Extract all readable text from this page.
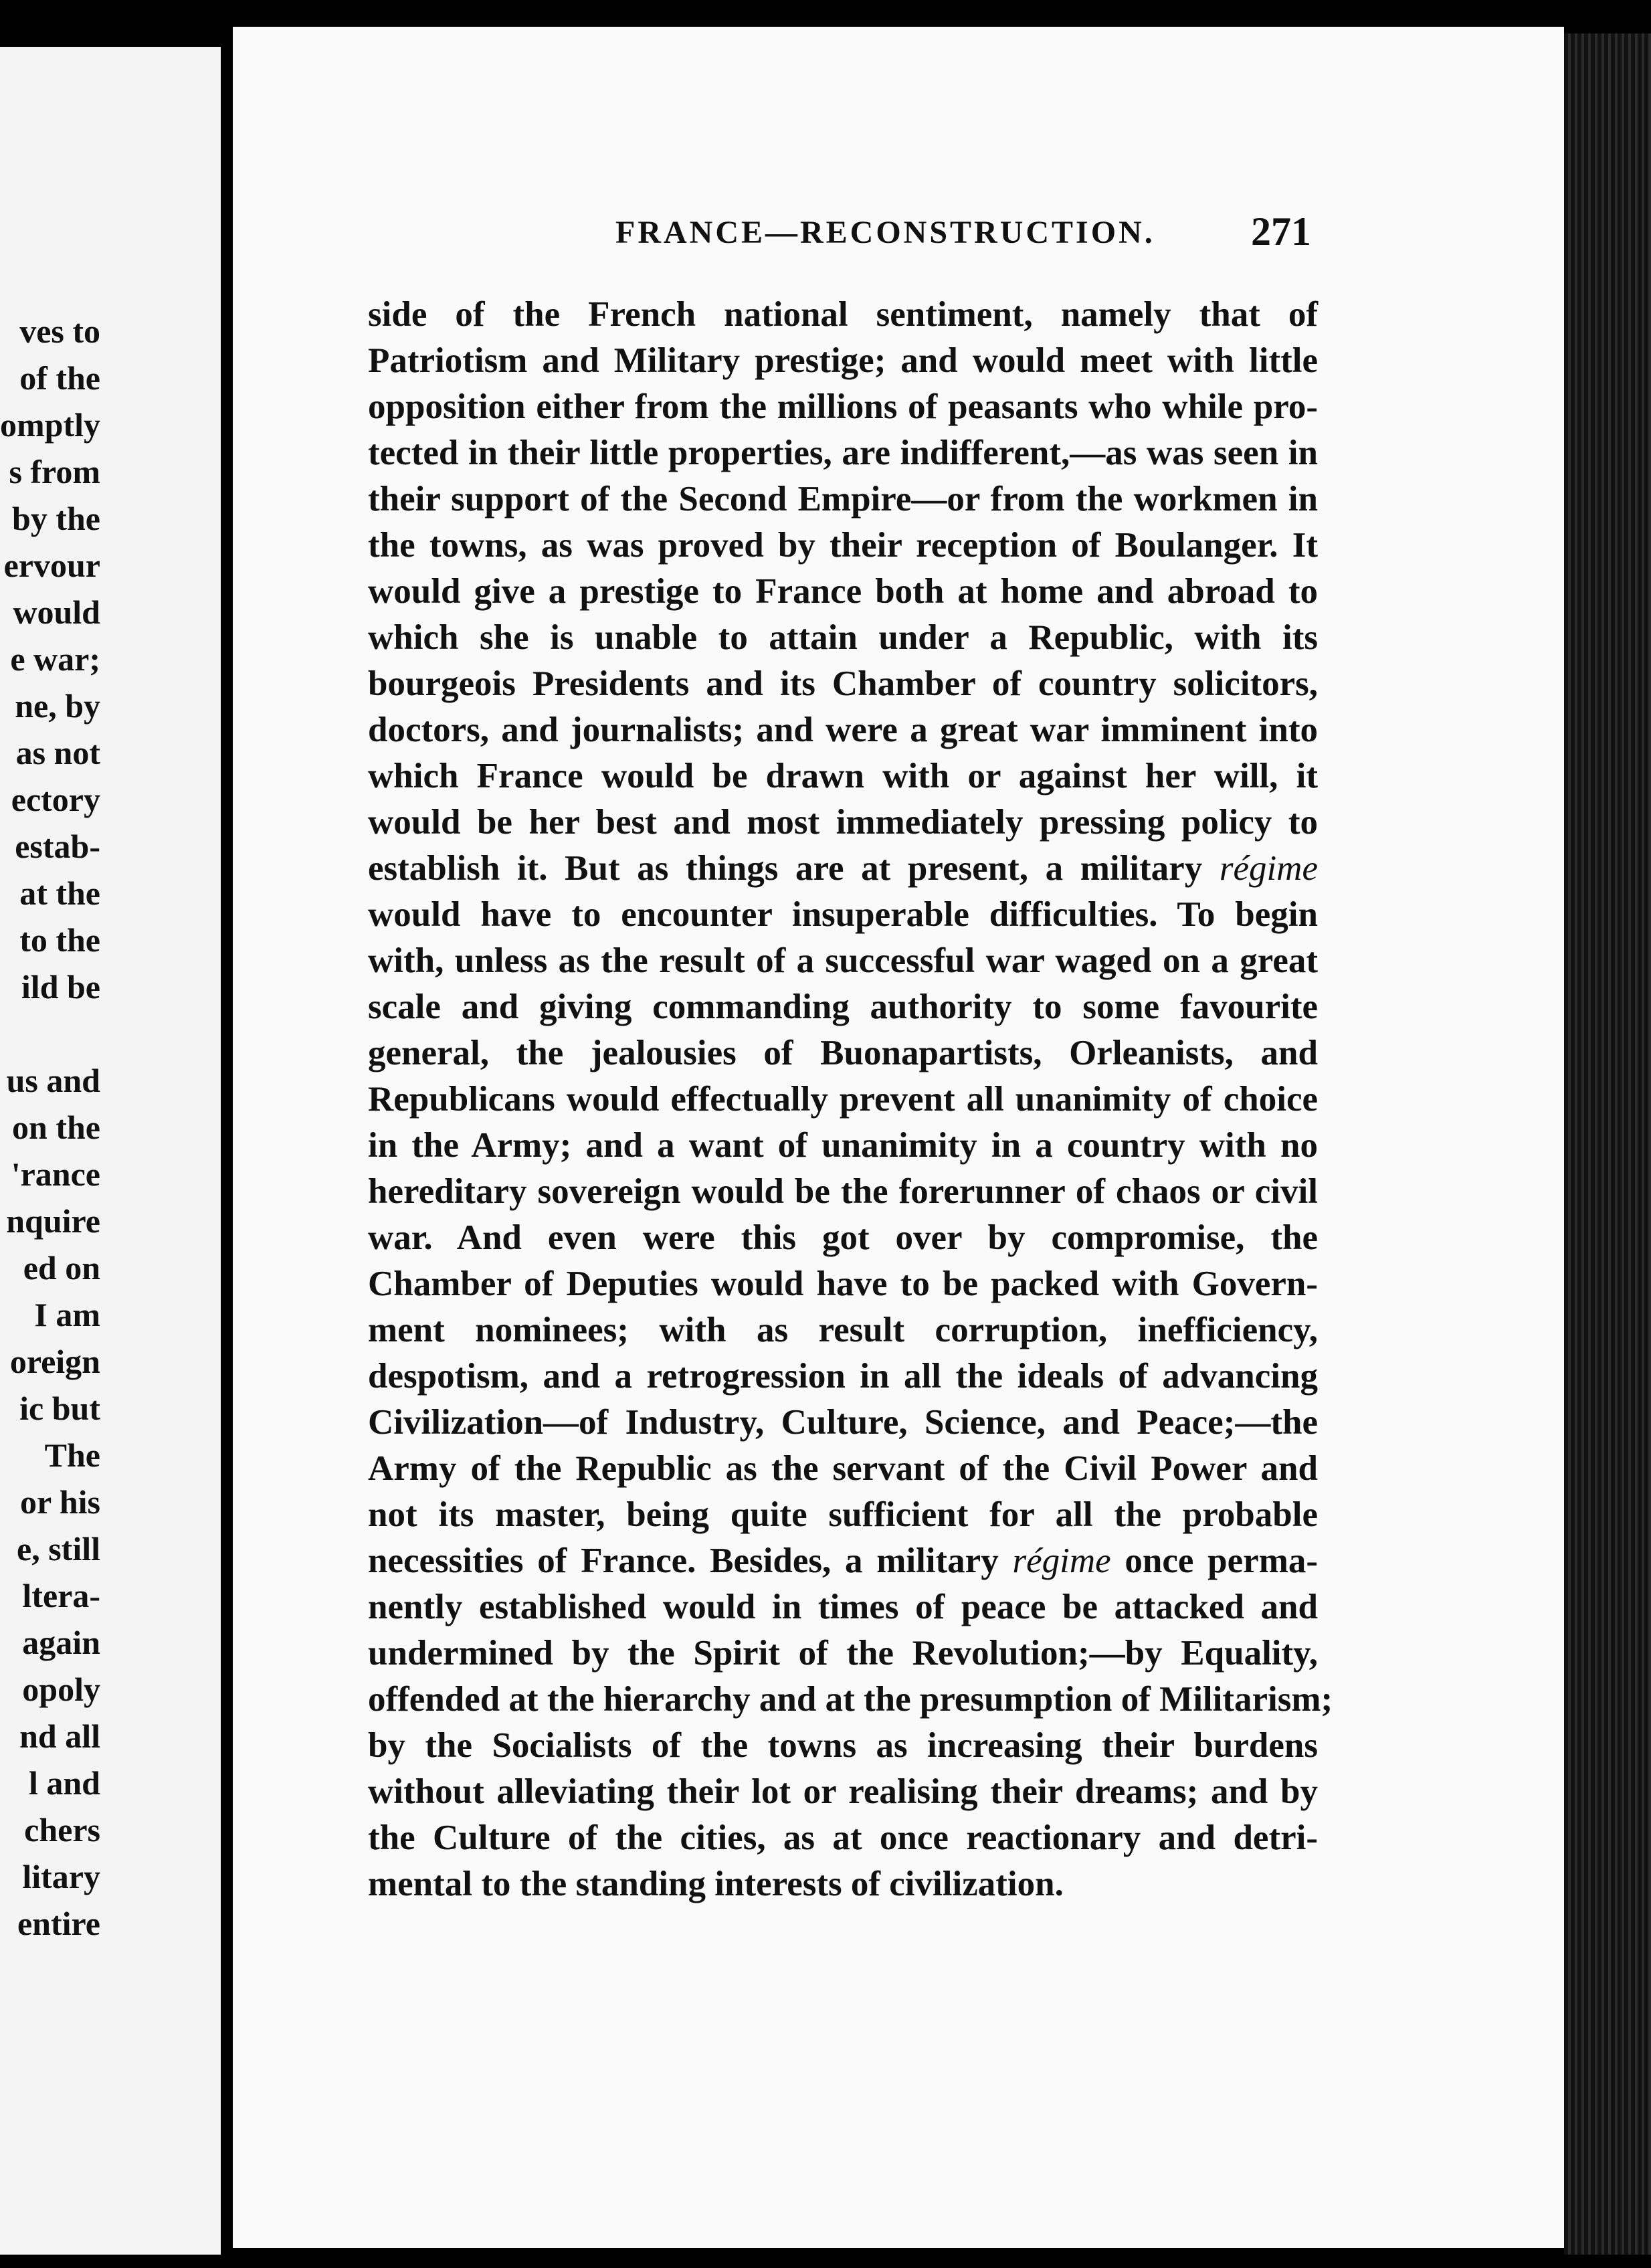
ves to
of the
omptly
s from
by the
ervour
would
e war;
ne, by
as not
ectory
estab-
at the
to the
ild be
us and
on the
'rance
nquire
ed on
I am
oreign
ic but
The
or his
e, still
ltera-
again
opoly
nd all
l and
chers
litary
entire
FRANCE—RECONSTRUCTION. 271
side of the French national sentiment, namely that of
Patriotism and Military prestige; and would meet with little
opposition either from the millions of peasants who while pro-
tected in their little properties, are indifferent,—as was seen in
their support of the Second Empire—or from the workmen in
the towns, as was proved by their reception of Boulanger. It
would give a prestige to France both at home and abroad to
which she is unable to attain under a Republic, with its
bourgeois Presidents and its Chamber of country solicitors,
doctors, and journalists; and were a great war imminent into
which France would be drawn with or against her will, it
would be her best and most immediately pressing policy to
establish it. But as things are at present, a military régime
would have to encounter insuperable difficulties. To begin
with, unless as the result of a successful war waged on a great
scale and giving commanding authority to some favourite
general, the jealousies of Buonapartists, Orleanists, and
Republicans would effectually prevent all unanimity of choice
in the Army; and a want of unanimity in a country with no
hereditary sovereign would be the forerunner of chaos or civil
war. And even were this got over by compromise, the
Chamber of Deputies would have to be packed with Govern-
ment nominees; with as result corruption, inefficiency,
despotism, and a retrogression in all the ideals of advancing
Civilization—of Industry, Culture, Science, and Peace;—the
Army of the Republic as the servant of the Civil Power and
not its master, being quite sufficient for all the probable
necessities of France. Besides, a military régime once perma-
nently established would in times of peace be attacked and
undermined by the Spirit of the Revolution;—by Equality,
offended at the hierarchy and at the presumption of Militarism;
by the Socialists of the towns as increasing their burdens
without alleviating their lot or realising their dreams; and by
the Culture of the cities, as at once reactionary and detri-
mental to the standing interests of civilization.
